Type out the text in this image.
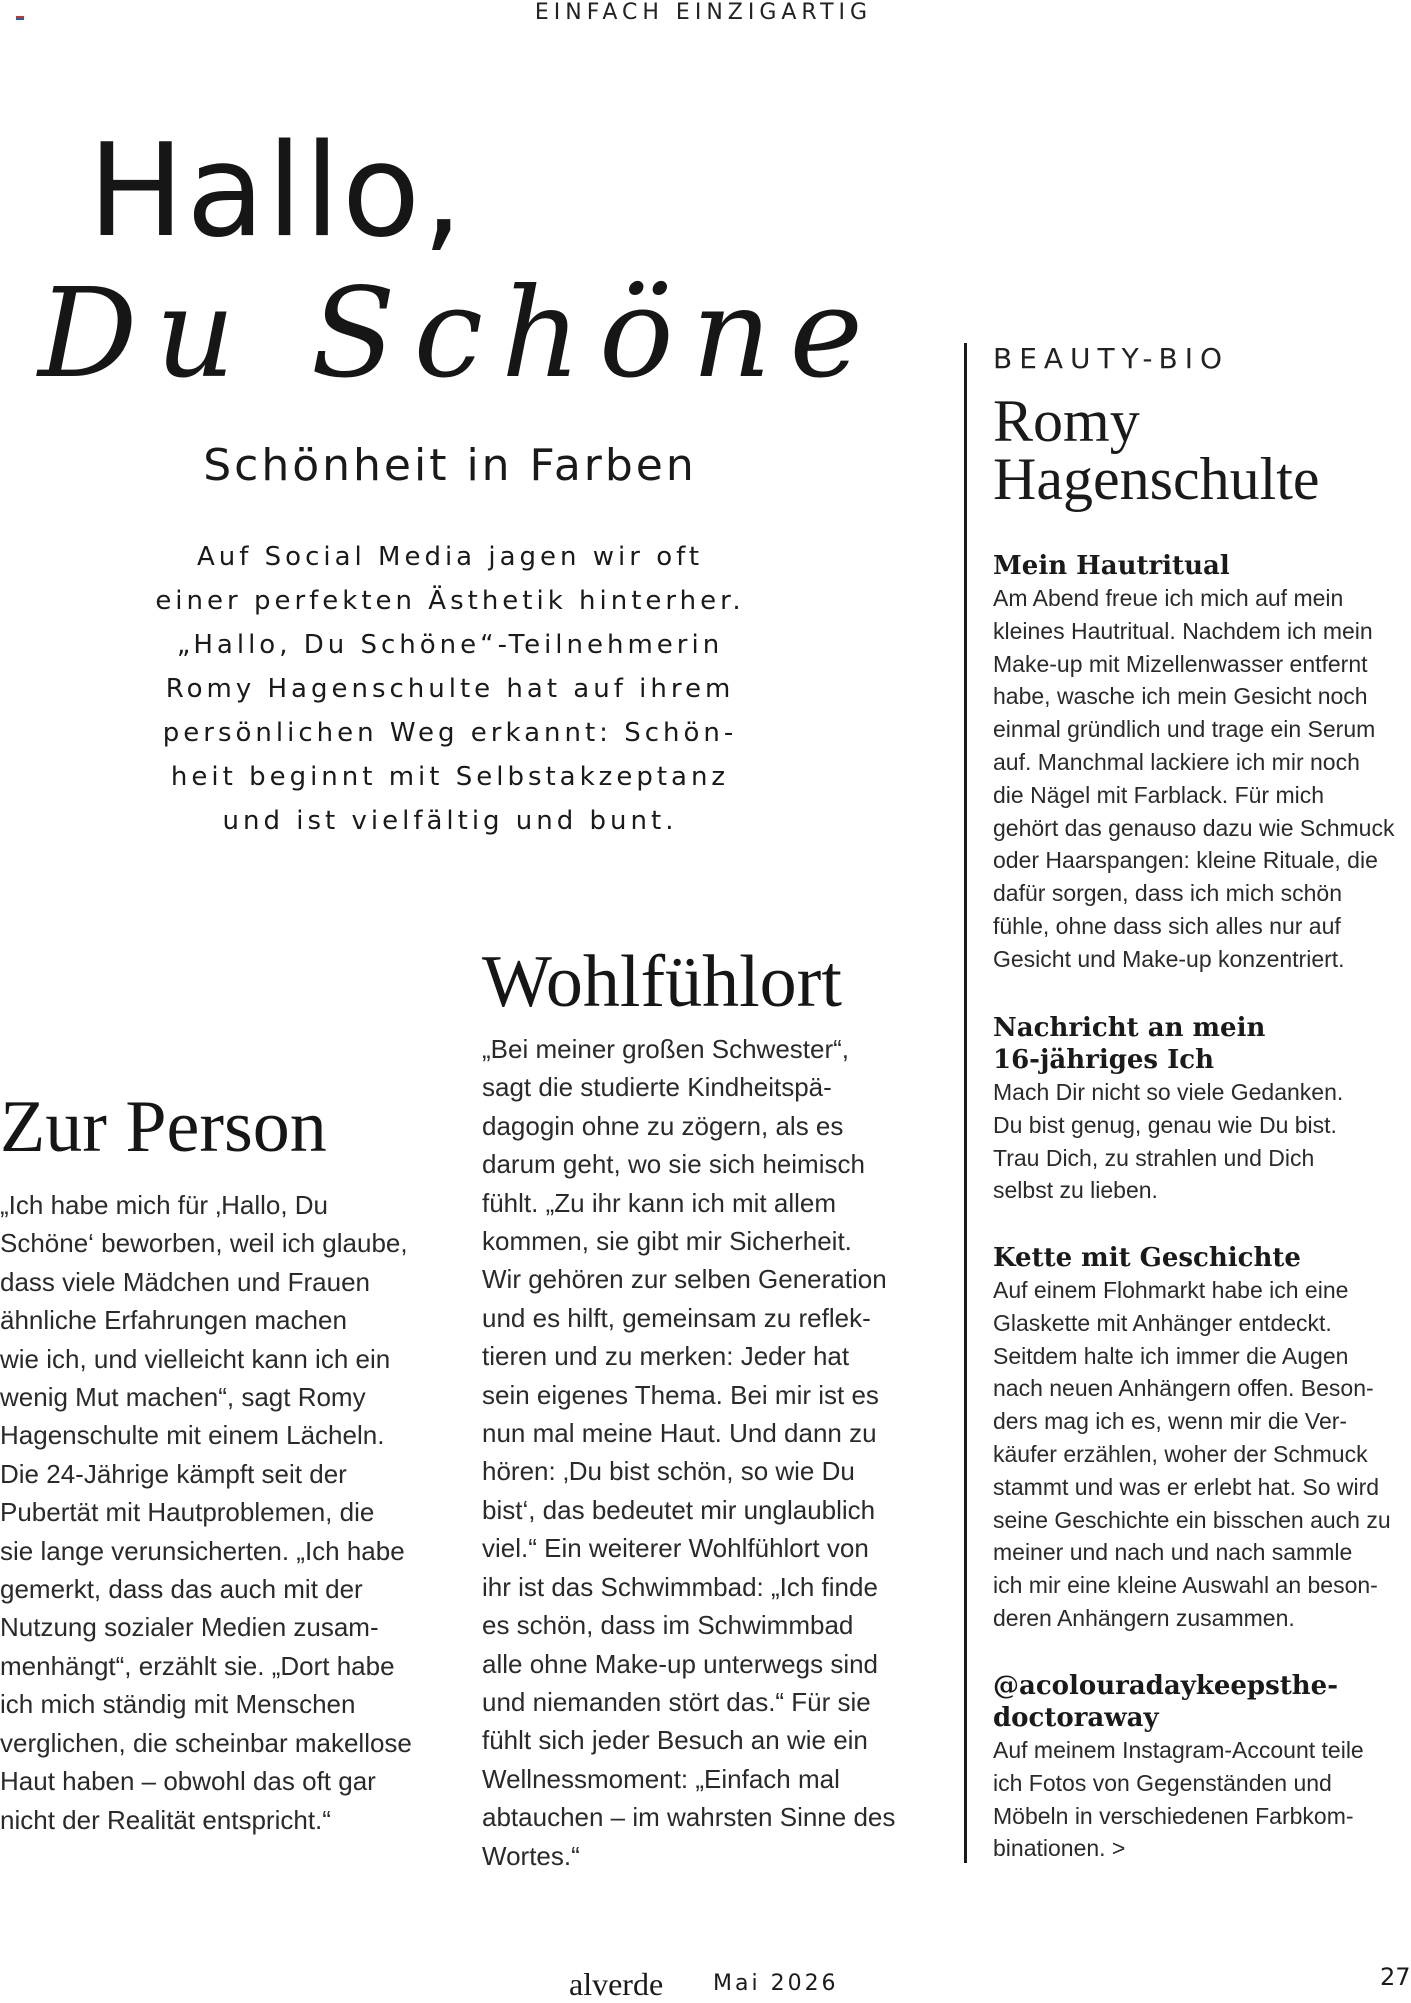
EINFACH EINZIGARTIG
Hallo,
Du Schöne
Schönheit in Farben
Auf Social Media jagen wir oft
einer perfekten Ästhetik hinterher.
„Hallo, Du Schöne“-Teilnehmerin
Romy Hagenschulte hat auf ihrem
persönlichen Weg erkannt: Schön-
heit beginnt mit Selbstakzeptanz
und ist vielfältig und bunt.
Zur Person
„Ich habe mich für ‚Hallo, Du
Schöne‘ beworben, weil ich glaube,
dass viele Mädchen und Frauen
ähnliche Erfahrungen machen
wie ich, und vielleicht kann ich ein
wenig Mut machen“, sagt Romy
Hagenschulte mit einem Lächeln.
Die 24-Jährige kämpft seit der
Pubertät mit Hautproblemen, die
sie lange verunsicherten. „Ich habe
gemerkt, dass das auch mit der
Nutzung sozialer Medien zusam-
menhängt“, erzählt sie. „Dort habe
ich mich ständig mit Menschen
verglichen, die scheinbar makellose
Haut haben – obwohl das oft gar
nicht der Realität entspricht.“
Wohlfühlort
„Bei meiner großen Schwester“,
sagt die studierte Kindheitspä-
dagogin ohne zu zögern, als es
darum geht, wo sie sich heimisch
fühlt. „Zu ihr kann ich mit allem
kommen, sie gibt mir Sicherheit.
Wir gehören zur selben Generation
und es hilft, gemeinsam zu reflek-
tieren und zu merken: Jeder hat
sein eigenes Thema. Bei mir ist es
nun mal meine Haut. Und dann zu
hören: ‚Du bist schön, so wie Du
bist‘, das bedeutet mir unglaublich
viel.“ Ein weiterer Wohlfühlort von
ihr ist das Schwimmbad: „Ich finde
es schön, dass im Schwimmbad
alle ohne Make-up unterwegs sind
und niemanden stört das.“ Für sie
fühlt sich jeder Besuch an wie ein
Wellnessmoment: „Einfach mal
abtauchen – im wahrsten Sinne des
Wortes.“
BEAUTY-BIO
Romy
Hagenschulte
Mein Hautritual
Am Abend freue ich mich auf mein
kleines Hautritual. Nachdem ich mein
Make-up mit Mizellenwasser entfernt
habe, wasche ich mein Gesicht noch
einmal gründlich und trage ein Serum
auf. Manchmal lackiere ich mir noch
die Nägel mit Farblack. Für mich
gehört das genauso dazu wie Schmuck
oder Haarspangen: kleine Rituale, die
dafür sorgen, dass ich mich schön
fühle, ohne dass sich alles nur auf
Gesicht und Make-up konzentriert.
Nachricht an mein
16-jähriges Ich
Mach Dir nicht so viele Gedanken.
Du bist genug, genau wie Du bist.
Trau Dich, zu strahlen und Dich
selbst zu lieben.
Kette mit Geschichte
Auf einem Flohmarkt habe ich eine
Glaskette mit Anhänger entdeckt.
Seitdem halte ich immer die Augen
nach neuen Anhängern offen. Beson-
ders mag ich es, wenn mir die Ver-
käufer erzählen, woher der Schmuck
stammt und was er erlebt hat. So wird
seine Geschichte ein bisschen auch zu
meiner und nach und nach sammle
ich mir eine kleine Auswahl an beson-
deren Anhängern zusammen.
@acolouradaykeepsthe-
doctoraway
Auf meinem Instagram-Account teile
ich Fotos von Gegenständen und
Möbeln in verschiedenen Farbkom-
binationen. >
alverde Mai 2026	27
